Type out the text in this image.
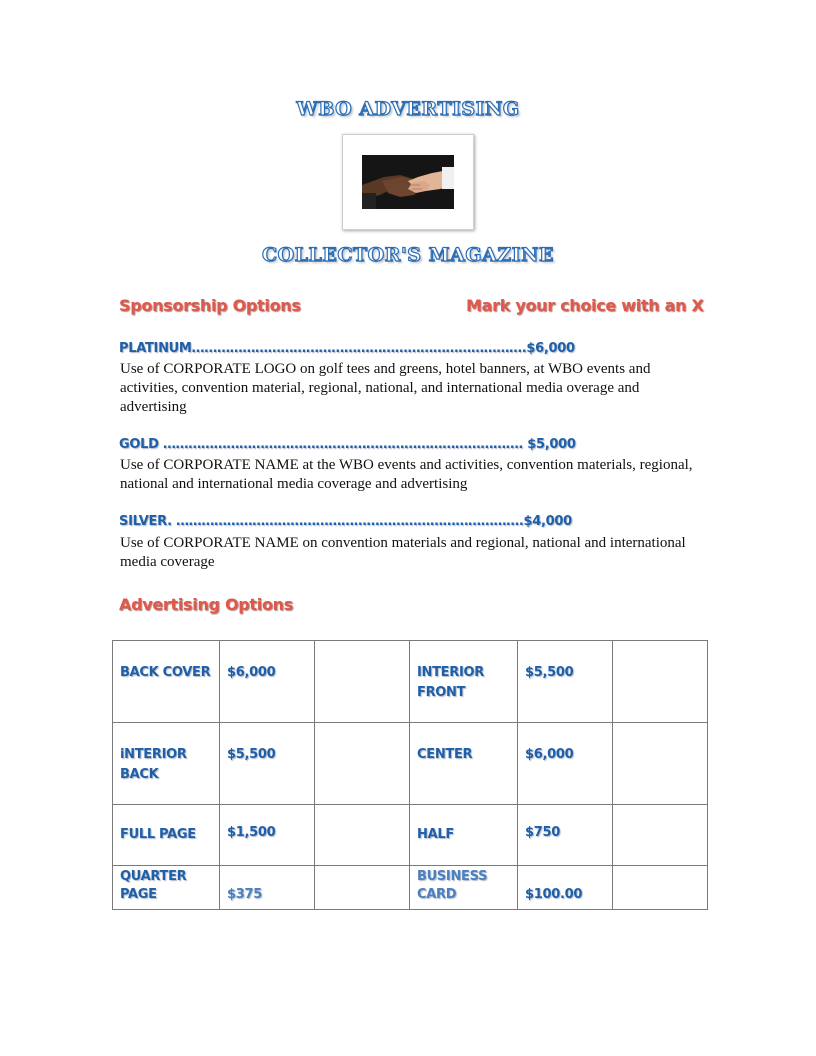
WBO ADVERTISING
COLLECTOR'S MAGAZINE
Sponsorship Options	Mark your choice with an X
PLATINUM…………………………………………………………………….$6,000
Use of CORPORATE LOGO on golf tees and greens, hotel banners, at WBO events and activities, convention material, regional, national, and international media overage and advertising
GOLD …………………………………………………………………………. $5,000
Use of CORPORATE NAME at the WBO events and activities, convention materials, regional, national and international media coverage and advertising
SILVER. ……………………………………………………………………….$4,000
Use of CORPORATE NAME on convention materials and regional, national and international media coverage
Advertising Options
BACK COVER	$6,000		INTERIOR FRONT	$5,500	
iNTERIOR BACK	$5,500		CENTER	$6,000	
FULL PAGE	$1,500		HALF	$750	
QUARTER PAGE	$375		BUSINESS CARD	$100.00	
